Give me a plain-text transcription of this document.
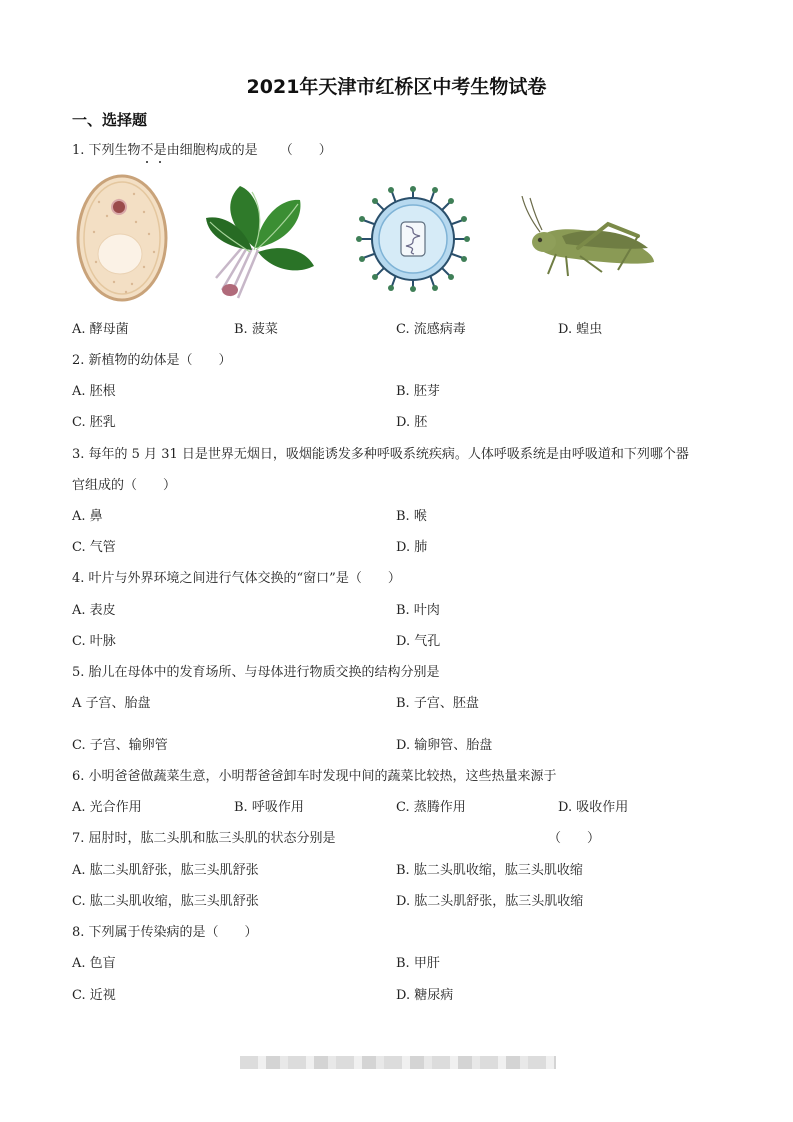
2021年天津市红桥区中考生物试卷
一、选择题
1. 下列生物不是由细胞构成的是 （　　）
A. 酵母菌	B. 菠菜	C. 流感病毒	D. 蝗虫
2. 新植物的幼体是（　　）
A. 胚根	B. 胚芽
C. 胚乳	D. 胚
3. 每年的 5 月 31 日是世界无烟日，吸烟能诱发多种呼吸系统疾病。人体呼吸系统是由呼吸道和下列哪个器
官组成的（　　）
A. 鼻	B. 喉
C. 气管	D. 肺
4. 叶片与外界环境之间进行气体交换的“窗口”是（　　）
A. 表皮	B. 叶肉
C. 叶脉	D. 气孔
5. 胎儿在母体中的发育场所、与母体进行物质交换的结构分别是
A 子宫、胎盘	B. 子宫、胚盘
C. 子宫、输卵管	D. 输卵管、胎盘
6. 小明爸爸做蔬菜生意，小明帮爸爸卸车时发现中间的蔬菜比较热，这些热量来源于
A. 光合作用	B. 呼吸作用	C. 蒸腾作用	D. 吸收作用
7. 屈肘时，肱二头肌和肱三头肌的状态分别是	（　　）
A. 肱二头肌舒张，肱三头肌舒张	B. 肱二头肌收缩，肱三头肌收缩
C. 肱二头肌收缩，肱三头肌舒张	D. 肱二头肌舒张，肱三头肌收缩
8. 下列属于传染病的是（　　）
A. 色盲	B. 甲肝
C. 近视	D. 糖尿病
